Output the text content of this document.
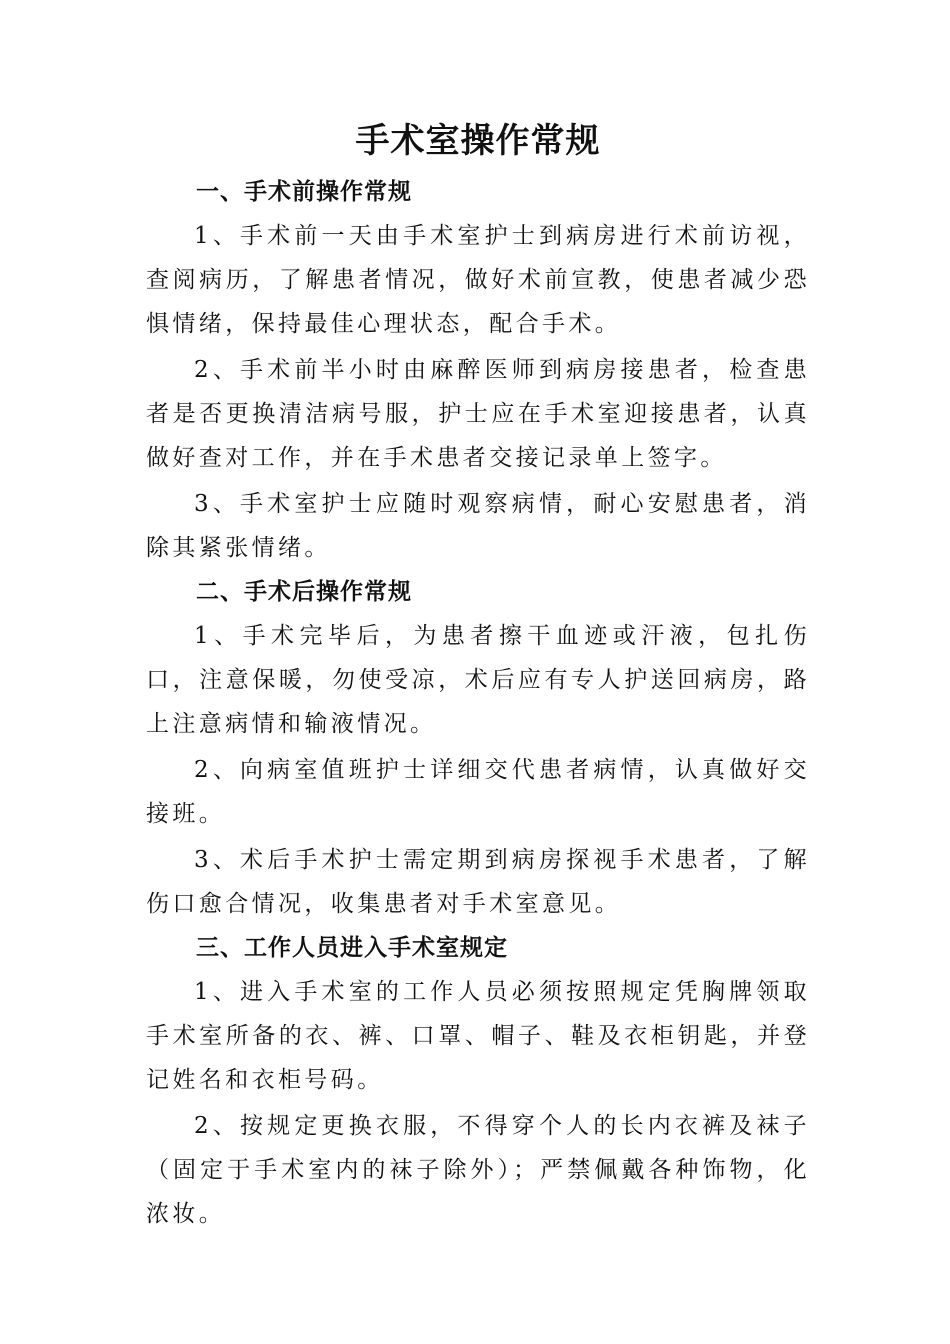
手术室操作常规
一、手术前操作常规

1、手术前一天由手术室护士到病房进行术前访视，查阅病历，了解患者情况，做好术前宣教，使患者减少恐惧情绪，保持最佳心理状态，配合手术。

2、手术前半小时由麻醉医师到病房接患者，检查患者是否更换清洁病号服，护士应在手术室迎接患者，认真做好查对工作，并在手术患者交接记录单上签字。

3、手术室护士应随时观察病情，耐心安慰患者，消除其紧张情绪。

二、手术后操作常规

1、手术完毕后，为患者擦干血迹或汗液，包扎伤口，注意保暖，勿使受凉，术后应有专人护送回病房，路上注意病情和输液情况。

2、向病室值班护士详细交代患者病情，认真做好交接班。

3、术后手术护士需定期到病房探视手术患者，了解伤口愈合情况，收集患者对手术室意见。

三、工作人员进入手术室规定

1、进入手术室的工作人员必须按照规定凭胸牌领取手术室所备的衣、裤、口罩、帽子、鞋及衣柜钥匙，并登记姓名和衣柜号码。

2、按规定更换衣服，不得穿个人的长内衣裤及袜子（固定于手术室内的袜子除外）；严禁佩戴各种饰物，化浓妆。
